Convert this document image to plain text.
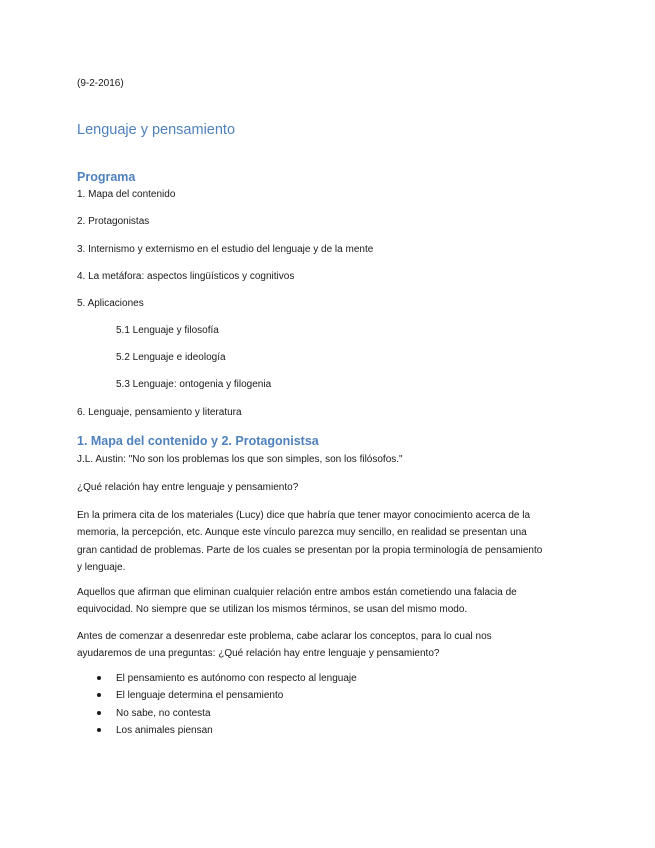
(9-2-2016)

Lenguaje y pensamiento
Programa

1. Mapa del contenido

2. Protagonistas

3. Internismo y externismo en el estudio del lenguaje y de la mente

4. La metáfora: aspectos lingüísticos y cognitivos

5. Aplicaciones

5.1 Lenguaje y filosofía

5.2 Lenguaje e ideología

5.3 Lenguaje: ontogenia y filogenia

6. Lenguaje, pensamiento y literatura

1. Mapa del contenido y 2. Protagonistsa

J.L. Austin: "No son los problemas los que son simples, son los filósofos."

¿Qué relación hay entre lenguaje y pensamiento?

En la primera cita de los materiales (Lucy) dice que habría que tener mayor conocimiento acerca de la
memoria, la percepción, etc. Aunque este vínculo parezca muy sencillo, en realidad se presentan una
gran cantidad de problemas. Parte de los cuales se presentan por la propia terminología de pensamiento
y lenguaje.
Aquellos que afirman que eliminan cualquier relación entre ambos están cometiendo una falacia de
equivocidad. No siempre que se utilizan los mismos términos, se usan del mismo modo.
Antes de comenzar a desenredar este problema, cabe aclarar los conceptos, para lo cual nos
ayudaremos de una preguntas: ¿Qué relación hay entre lenguaje y pensamiento?
El pensamiento es autónomo con respecto al lenguaje
El lenguaje determina el pensamiento
No sabe, no contesta
Los animales piensan
